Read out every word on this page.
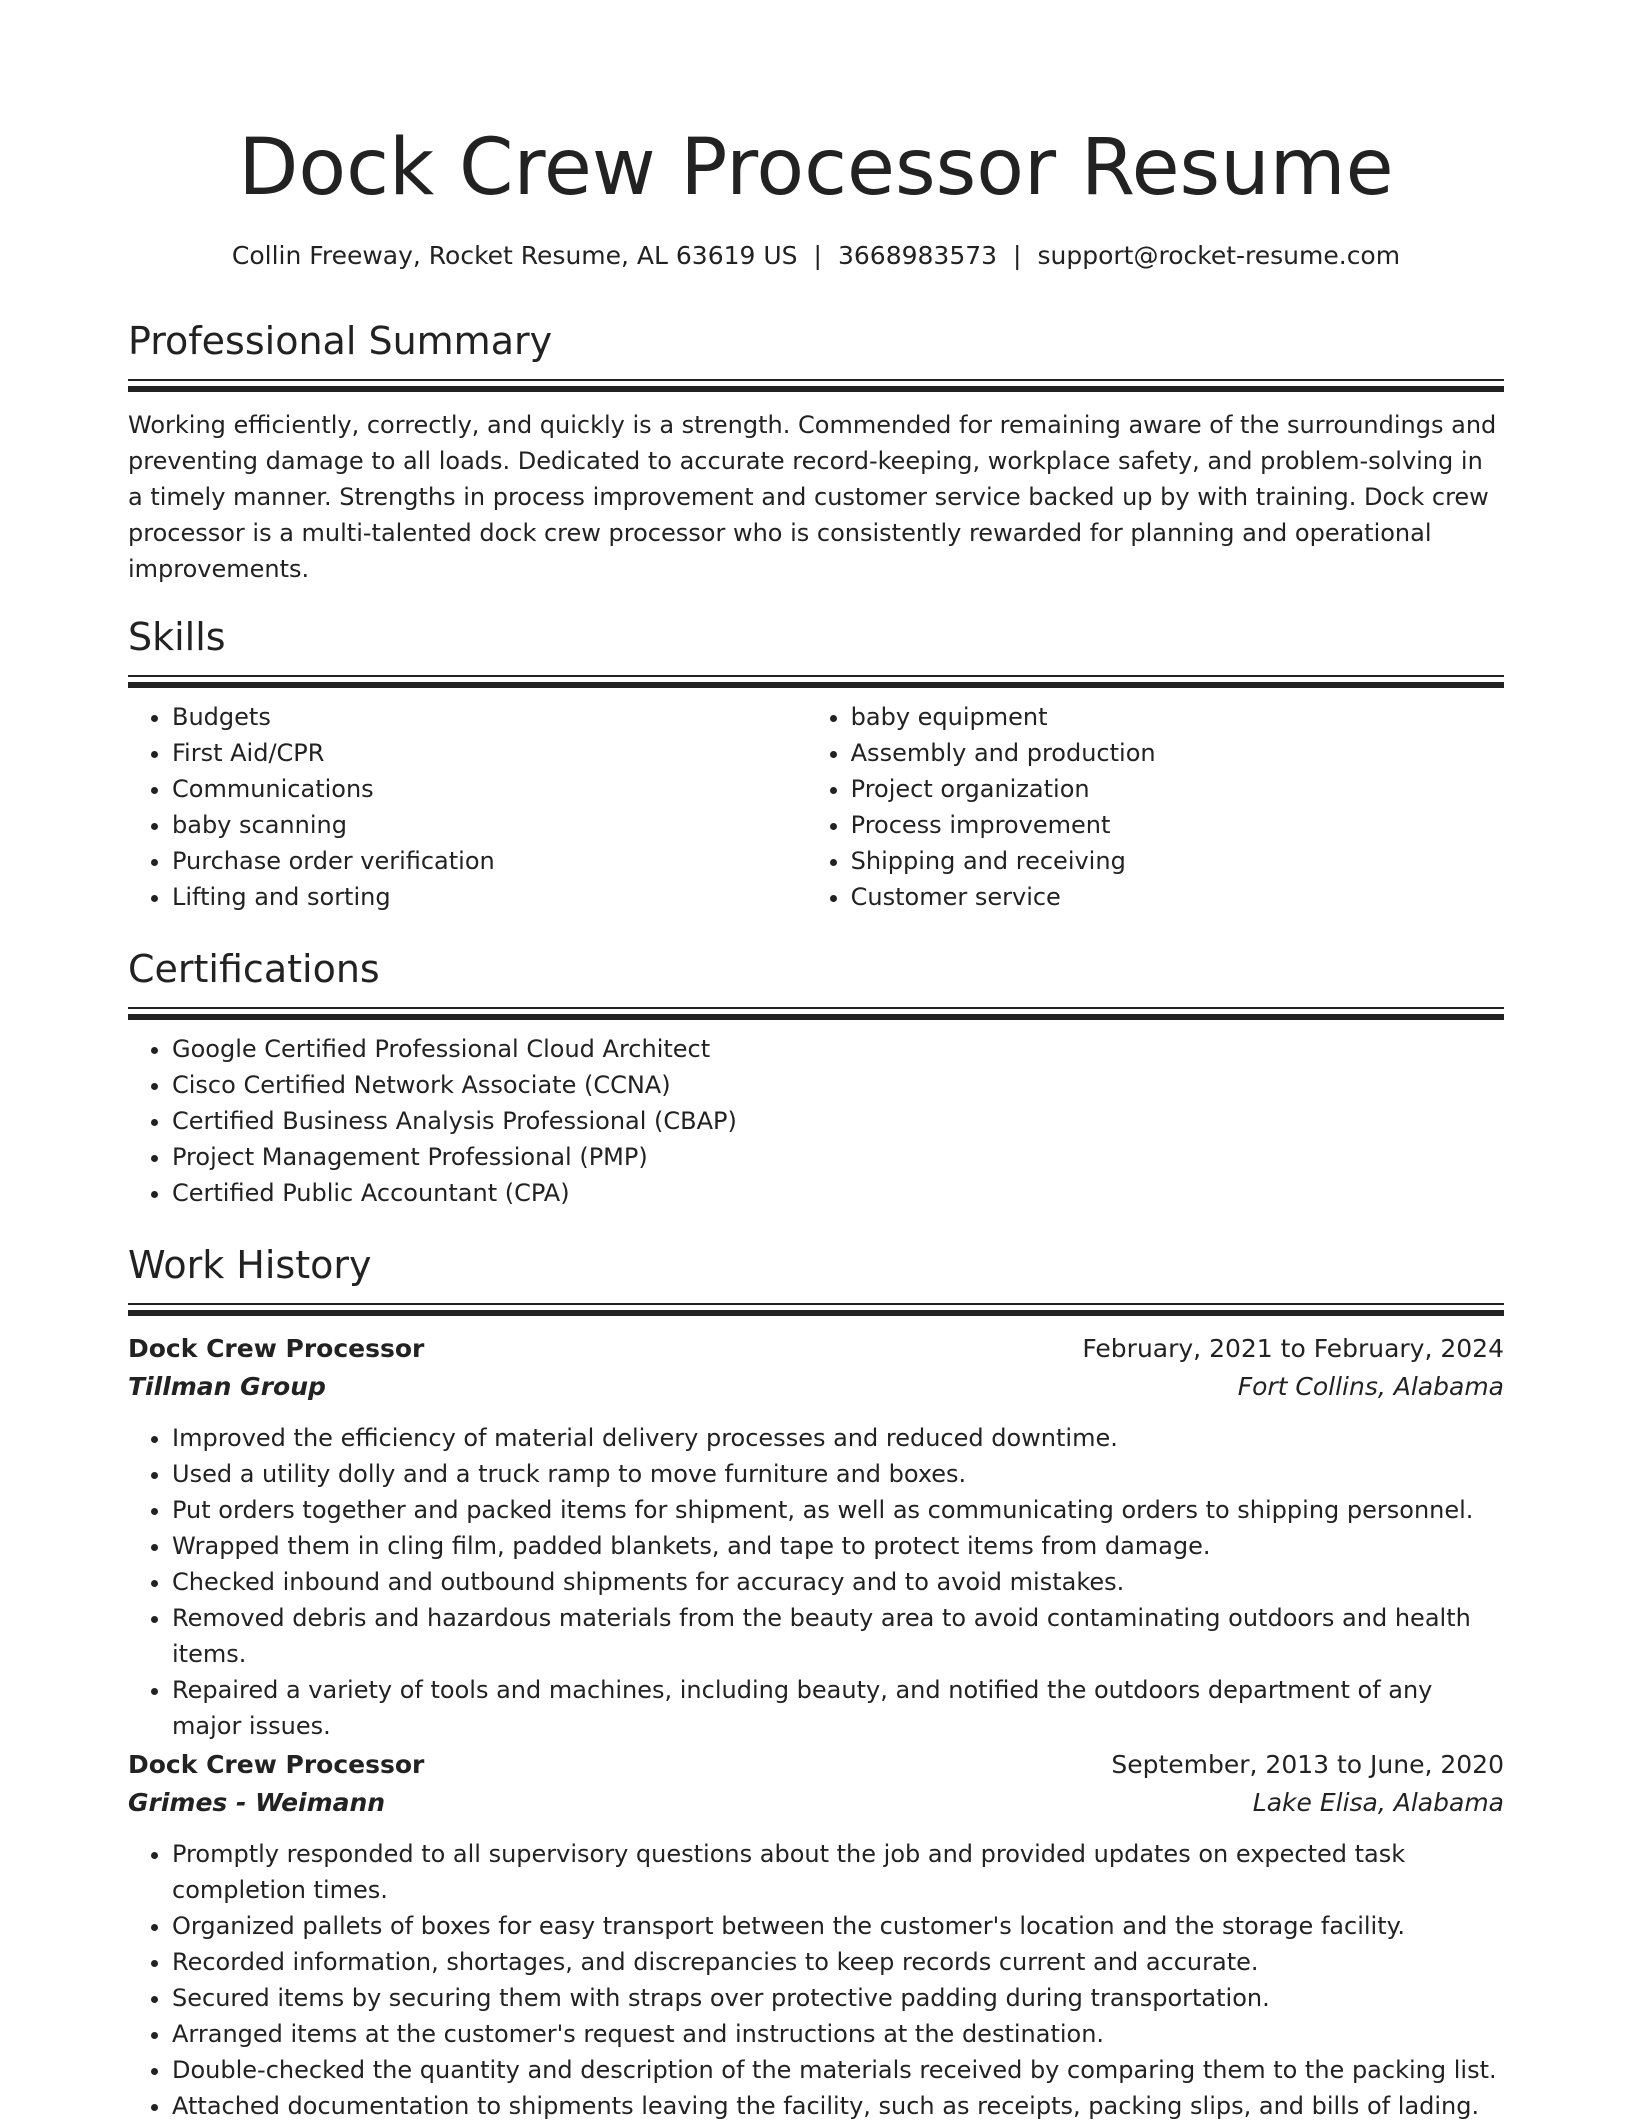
Dock Crew Processor Resume
Collin Freeway, Rocket Resume, AL 63619 US | 3668983573 | support@rocket-resume.com
Professional Summary

Working efficiently, correctly, and quickly is a strength. Commended for remaining aware of the surroundings and preventing damage to all loads. Dedicated to accurate record-keeping, workplace safety, and problem-solving in a timely manner. Strengths in process improvement and customer service backed up by with training. Dock crew processor is a multi-talented dock crew processor who is consistently rewarded for planning and operational improvements.

Skills
• Budgets
• First Aid/CPR
• Communications
• baby scanning
• Purchase order verification
• Lifting and sorting
• baby equipment
• Assembly and production
• Project organization
• Process improvement
• Shipping and receiving
• Customer service
Certifications
• Google Certified Professional Cloud Architect
• Cisco Certified Network Associate (CCNA)
• Certified Business Analysis Professional (CBAP)
• Project Management Professional (PMP)
• Certified Public Accountant (CPA)
Work History
Dock Crew Processor	February, 2021 to February, 2024
Tillman Group	Fort Collins, Alabama
• Improved the efficiency of material delivery processes and reduced downtime.
• Used a utility dolly and a truck ramp to move furniture and boxes.
• Put orders together and packed items for shipment, as well as communicating orders to shipping personnel.
• Wrapped them in cling film, padded blankets, and tape to protect items from damage.
• Checked inbound and outbound shipments for accuracy and to avoid mistakes.
• Removed debris and hazardous materials from the beauty area to avoid contaminating outdoors and health items.
• Repaired a variety of tools and machines, including beauty, and notified the outdoors department of any major issues.
Dock Crew Processor	September, 2013 to June, 2020
Grimes - Weimann	Lake Elisa, Alabama
• Promptly responded to all supervisory questions about the job and provided updates on expected task completion times.
• Organized pallets of boxes for easy transport between the customer's location and the storage facility.
• Recorded information, shortages, and discrepancies to keep records current and accurate.
• Secured items by securing them with straps over protective padding during transportation.
• Arranged items at the customer's request and instructions at the destination.
• Double-checked the quantity and description of the materials received by comparing them to the packing list.
• Attached documentation to shipments leaving the facility, such as receipts, packing slips, and bills of lading.
